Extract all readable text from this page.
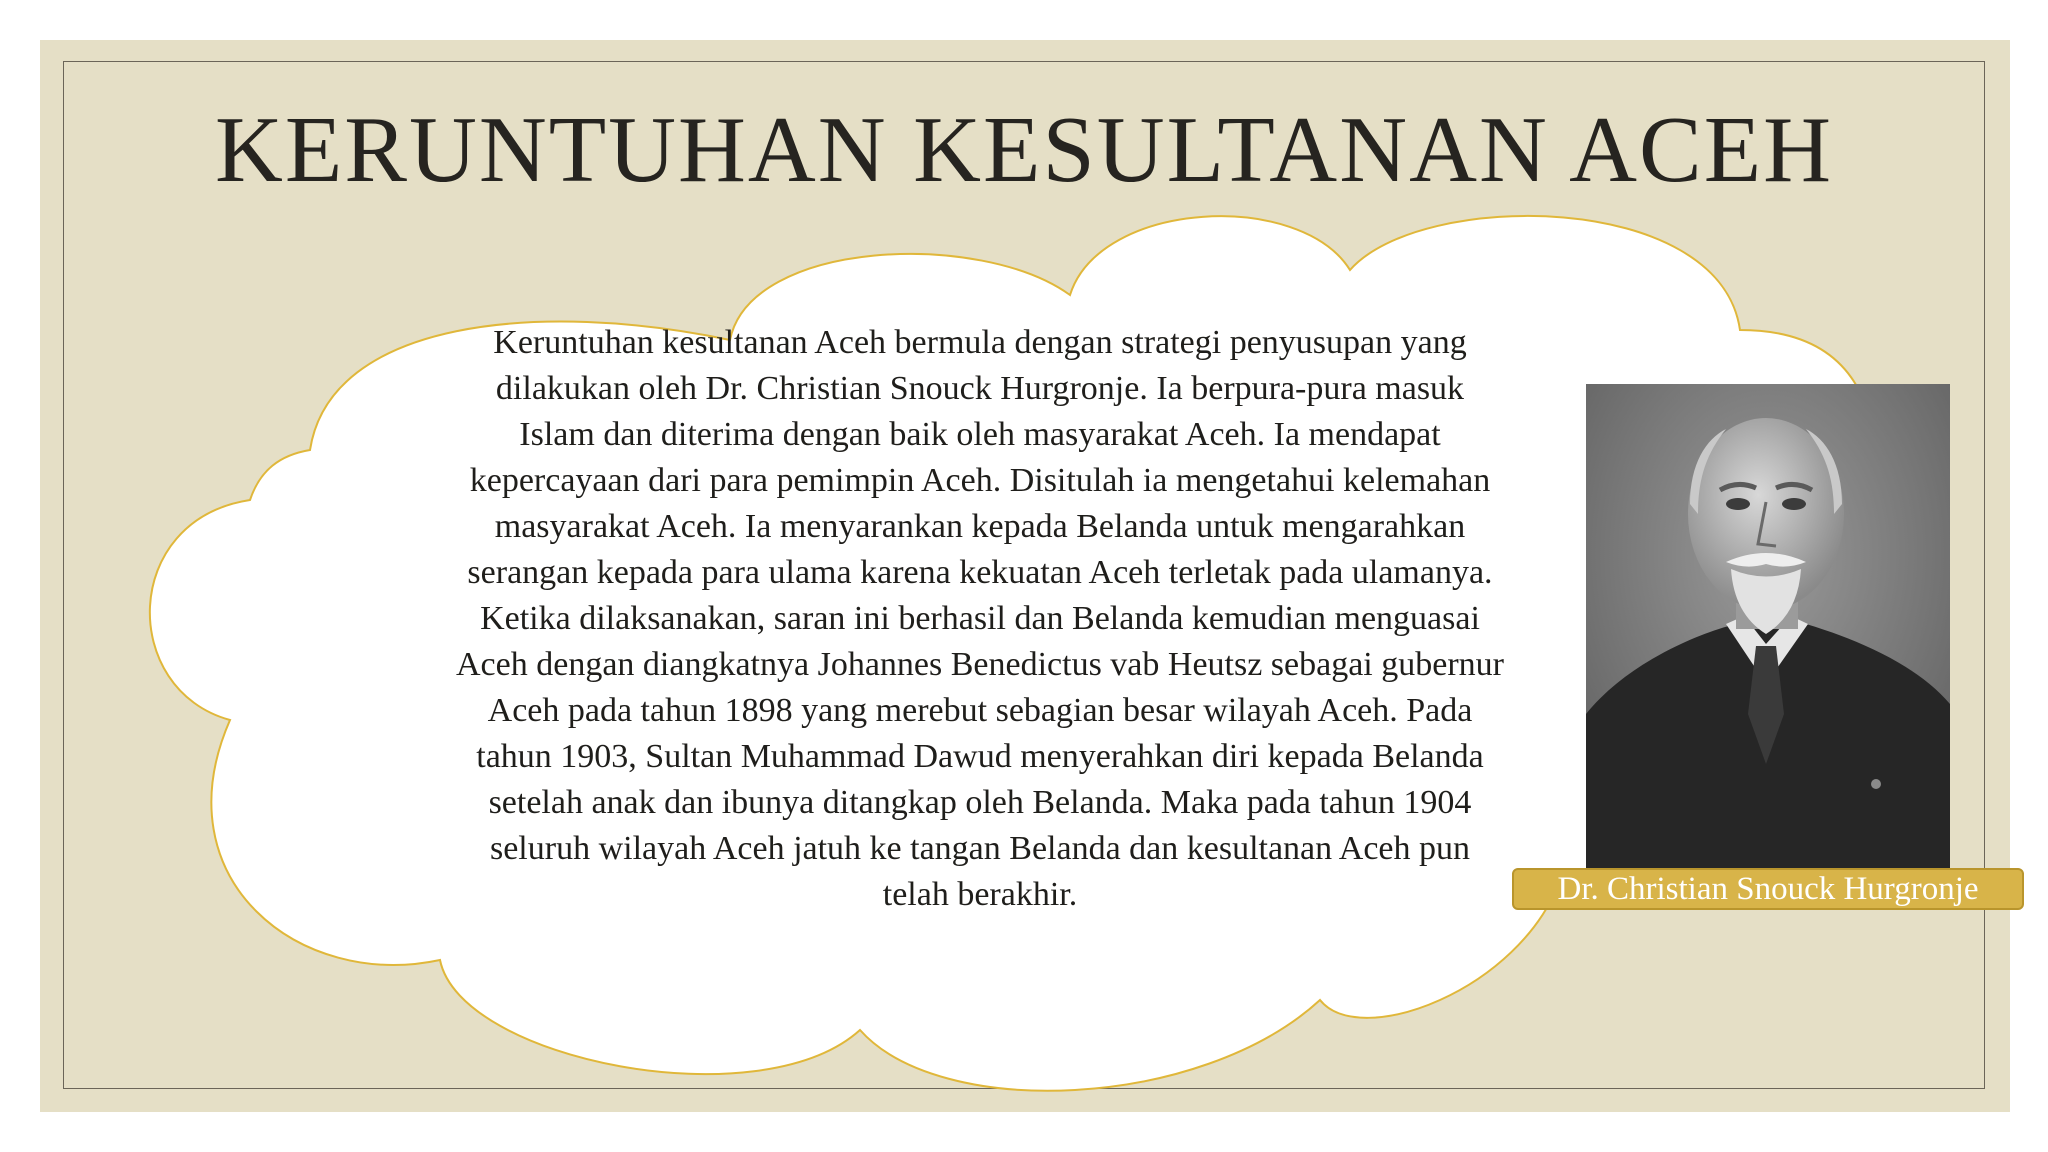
KERUNTUHAN KESULTANAN ACEH
Keruntuhan kesultanan Aceh bermula dengan strategi penyusupan yang
dilakukan oleh Dr. Christian Snouck Hurgronje. Ia berpura-pura masuk
Islam dan diterima dengan baik oleh masyarakat Aceh. Ia mendapat
kepercayaan dari para pemimpin Aceh. Disitulah ia mengetahui kelemahan
masyarakat Aceh. Ia menyarankan kepada Belanda untuk mengarahkan
serangan kepada para ulama karena kekuatan Aceh terletak pada ulamanya.
Ketika dilaksanakan, saran ini berhasil dan Belanda kemudian menguasai
Aceh dengan diangkatnya Johannes Benedictus vab Heutsz sebagai gubernur
Aceh pada tahun 1898 yang merebut sebagian besar wilayah Aceh. Pada
tahun 1903, Sultan Muhammad Dawud menyerahkan diri kepada Belanda
setelah anak dan ibunya ditangkap oleh Belanda. Maka pada tahun 1904
seluruh wilayah Aceh jatuh ke tangan Belanda dan kesultanan Aceh pun
telah berakhir.	Dr. Christian Snouck Hurgronje
